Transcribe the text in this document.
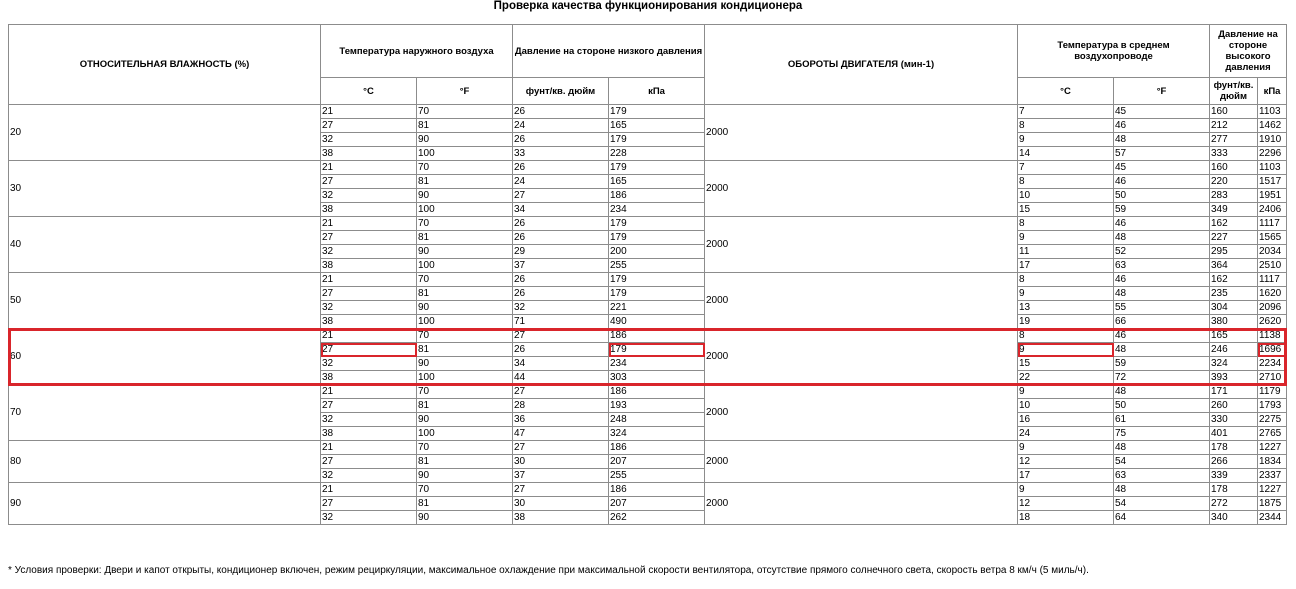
Проверка качества функционирования кондиционера
ОТНОСИТЕЛЬНАЯ ВЛАЖНОСТЬ (%)	Температура наружного воздуха		Давление на стороне низкого давления		ОБОРОТЫ ДВИГАТЕЛЯ (мин-1)	Температура в среднем воздухопроводе		Давление на стороне высокого давления	
	°C	°F	фунт/кв. дюйм	кПа		°C	°F	фунт/кв. дюйм	кПа
20	21	70	26	179	2000	7	45	160	1103
	27	81	24	165		8	46	212	1462
	32	90	26	179		9	48	277	1910
	38	100	33	228		14	57	333	2296
30	21	70	26	179	2000	7	45	160	1103
	27	81	24	165		8	46	220	1517
	32	90	27	186		10	50	283	1951
	38	100	34	234		15	59	349	2406
40	21	70	26	179	2000	8	46	162	1117
	27	81	26	179		9	48	227	1565
	32	90	29	200		11	52	295	2034
	38	100	37	255		17	63	364	2510
50	21	70	26	179	2000	8	46	162	1117
	27	81	26	179		9	48	235	1620
	32	90	32	221		13	55	304	2096
	38	100	71	490		19	66	380	2620
60	21	70	27	186	2000	8	46	165	1138
	27	81	26	179		9	48	246	1696
	32	90	34	234		15	59	324	2234
	38	100	44	303		22	72	393	2710
70	21	70	27	186	2000	9	48	171	1179
	27	81	28	193		10	50	260	1793
	32	90	36	248		16	61	330	2275
	38	100	47	324		24	75	401	2765
80	21	70	27	186	2000	9	48	178	1227
	27	81	30	207		12	54	266	1834
	32	90	37	255		17	63	339	2337
90	21	70	27	186	2000	9	48	178	1227
	27	81	30	207		12	54	272	1875
	32	90	38	262		18	64	340	2344
* Условия проверки: Двери и капот открыты, кондиционер включен, режим рециркуляции, максимальное охлаждение при максимальной скорости вентилятора, отсутствие прямого солнечного света, скорость ветра 8 км/ч (5 миль/ч).
